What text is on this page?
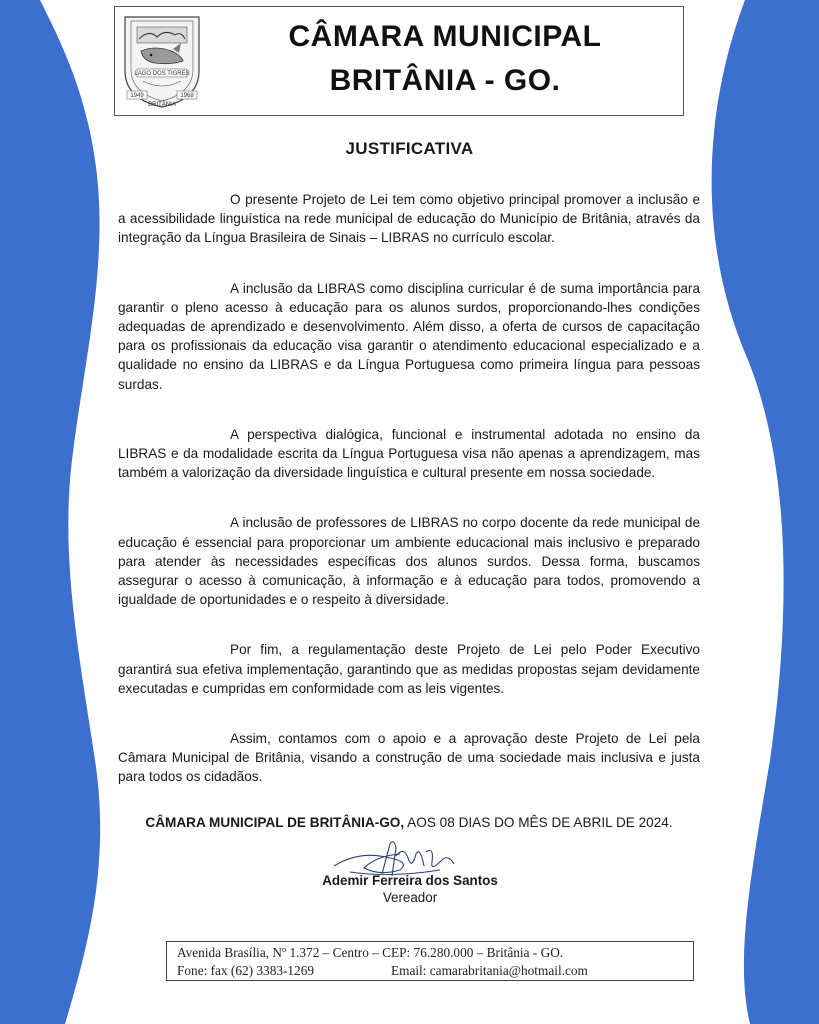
LAGO DOS TIGRES
1949	1968
BRITÂNIA
CÂMARA MUNICIPAL
BRITÂNIA - GO.
JUSTIFICATIVA

O presente Projeto de Lei tem como objetivo principal promover a inclusão e a acessibilidade linguística na rede municipal de educação do Município de Britânia, através da integração da Língua Brasileira de Sinais – LIBRAS no currículo escolar.

A inclusão da LIBRAS como disciplina curricular é de suma importância para garantir o pleno acesso à educação para os alunos surdos, proporcionando-lhes condições adequadas de aprendizado e desenvolvimento. Além disso, a oferta de cursos de capacitação para os profissionais da educação visa garantir o atendimento educacional especializado e a qualidade no ensino da LIBRAS e da Língua Portuguesa como primeira língua para pessoas surdas.

A perspectiva dialógica, funcional e instrumental adotada no ensino da LIBRAS e da modalidade escrita da Língua Portuguesa visa não apenas a aprendizagem, mas também a valorização da diversidade linguística e cultural presente em nossa sociedade.

A inclusão de professores de LIBRAS no corpo docente da rede municipal de educação é essencial para proporcionar um ambiente educacional mais inclusivo e preparado para atender às necessidades específicas dos alunos surdos. Dessa forma, buscamos assegurar o acesso à comunicação, à informação e à educação para todos, promovendo a igualdade de oportunidades e o respeito à diversidade.

Por fim, a regulamentação deste Projeto de Lei pelo Poder Executivo garantirá sua efetiva implementação, garantindo que as medidas propostas sejam devidamente executadas e cumpridas em conformidade com as leis vigentes.

Assim, contamos com o apoio e a aprovação deste Projeto de Lei pela Câmara Municipal de Britânia, visando a construção de uma sociedade mais inclusiva e justa para todos os cidadãos.

CÂMARA MUNICIPAL DE BRITÂNIA-GO, AOS 08 DIAS DO MÊS DE ABRIL DE 2024.
Ademir Ferreira dos Santos
Vereador
Avenida Brasília, Nº 1.372 – Centro – CEP: 76.280.000 – Britânia - GO.
Fone: fax (62) 3383-1269	Email: camarabritania@hotmail.com
